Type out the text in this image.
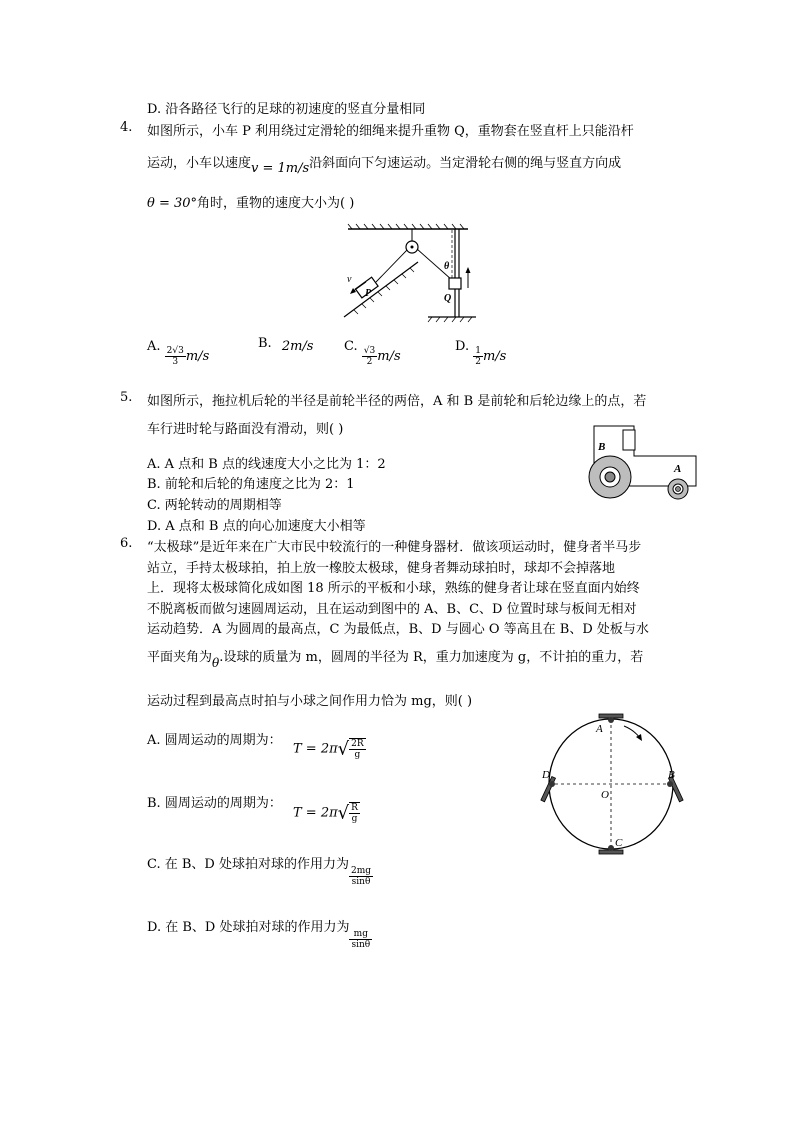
D. 沿各路径飞行的足球的初速度的竖直分量相同
4. 如图所示，小车 P 利用绕过定滑轮的细绳来提升重物 Q，重物套在竖直杆上只能沿杆
运动，小车以速度v = 1m/s沿斜面向下匀速运动。当定滑轮右侧的绳与竖直方向成
θ = 30°角时，重物的速度大小为( )
v
P
θ
Q
A. $\frac{2√3}{3} m/s$
B. 2m/s C. $\frac{√3}{2} m/s$
D. $\frac{1}{2} m/s$
5. 如图所示，拖拉机后轮的半径是前轮半径的两倍，A 和 B 是前轮和后轮边缘上的点，若
车行进时轮与路面没有滑动，则( )
A. A 点和 B 点的线速度大小之比为 1：2
B. 前轮和后轮的角速度之比为 2：1
C. 两轮转动的周期相等
D. A 点和 B 点的向心加速度大小相等
B
A
6. “太极球”是近年来在广大市民中较流行的一种健身器材．做该项运动时，健身者半马步
站立，手持太极球拍，拍上放一橡胶太极球，健身者舞动球拍时，球却不会掉落地
上．现将太极球简化成如图 18 所示的平板和小球，熟练的健身者让球在竖直面内始终
不脱离板而做匀速圆周运动，且在运动到图中的 A、B、C、D 位置时球与板间无相对
运动趋势．A 为圆周的最高点，C 为最低点，B、D 与圆心 O 等高且在 B、D 处板与水
平面夹角为θ.设球的质量为 m，圆周的半径为 R，重力加速度为 g，不计拍的重力，若
运动过程到最高点时拍与小球之间作用力恰为 mg，则( )
A. 圆周运动的周期为：
$T = 2\pi√ \frac{2R}{g}$
B. 圆周运动的周期为：
$T = 2\pi√ \frac{R}{g}$
C. 在 B、D 处球拍对球的作用力为
$\frac{2mg}{\sin\theta}$
D. 在 B、D 处球拍对球的作用力为
$\frac{mg}{\sin\theta}$
A
B
C
D
O
